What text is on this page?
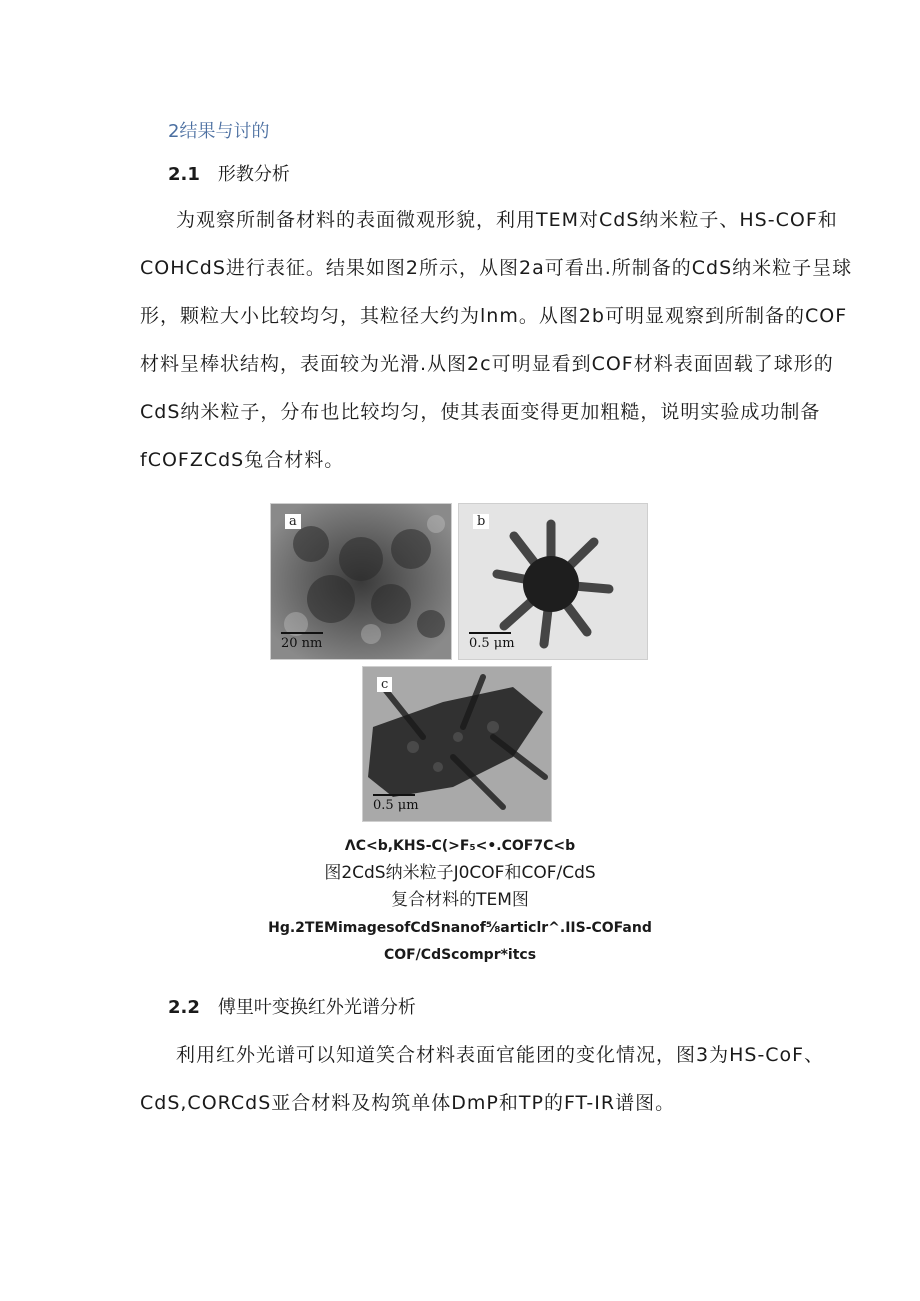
2结果与讨的
2.1 形教分析

为观察所制备材料的表面微观形貌，利用TEM对CdS纳米粒子、HS-COF和

COHCdS进行表征。结果如图2所示，从图2a可看出.所制备的CdS纳米粒子呈球

形，颗粒大小比较均匀，其粒径大约为lnm。从图2b可明显观察到所制备的COF

材料呈棒状结构，表面较为光滑.从图2c可明显看到COF材料表面固载了球形的

CdS纳米粒子，分布也比较均匀，使其表面变得更加粗糙，说明实验成功制备

fCOFZCdS兔合材料。

a
20 nm
b
0.5 μm
c
0.5 μm
ΛC<b,KHS-C(>F₅<•.COF7C<b
图2CdS纳米粒子J0COF和COF/CdS
复合材料的TEM图
Hg.2TEMimagesofCdSnanof⅝articlr^.IIS-COFand
COF/CdScompr*itcs
2.2 傅里叶变换红外光谱分析

利用红外光谱可以知道笑合材料表面官能团的变化情况，图3为HS-CoF、

CdS,CORCdS亚合材料及构筑单体DmP和TP的FT-IR谱图。
